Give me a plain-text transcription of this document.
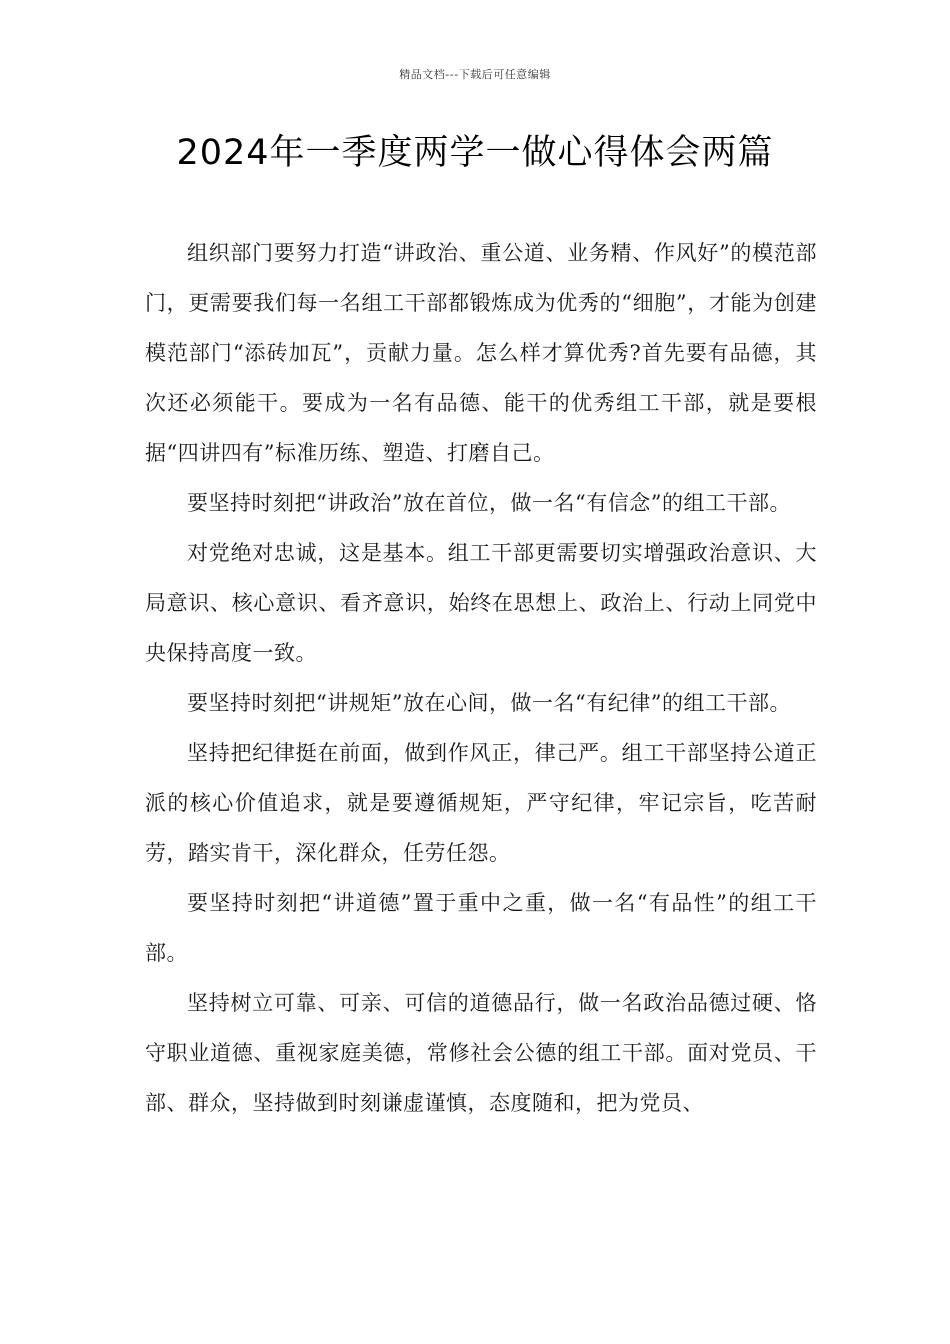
精品文档---下载后可任意编辑
2024年一季度两学一做心得体会两篇

组织部门要努力打造“讲政治、重公道、业务精、作风好”的模范部门，更需要我们每一名组工干部都锻炼成为优秀的“细胞”，才能为创建模范部门“添砖加瓦”，贡献力量。怎么样才算优秀?首先要有品德，其次还必须能干。要成为一名有品德、能干的优秀组工干部，就是要根据“四讲四有”标准历练、塑造、打磨自己。

要坚持时刻把“讲政治”放在首位，做一名“有信念”的组工干部。

对党绝对忠诚，这是基本。组工干部更需要切实增强政治意识、大局意识、核心意识、看齐意识，始终在思想上、政治上、行动上同党中央保持高度一致。

要坚持时刻把“讲规矩”放在心间，做一名“有纪律”的组工干部。

坚持把纪律挺在前面，做到作风正，律己严。组工干部坚持公道正派的核心价值追求，就是要遵循规矩，严守纪律，牢记宗旨，吃苦耐劳，踏实肯干，深化群众，任劳任怨。

要坚持时刻把“讲道德”置于重中之重，做一名“有品性”的组工干部。

坚持树立可靠、可亲、可信的道德品行，做一名政治品德过硬、恪守职业道德、重视家庭美德，常修社会公德的组工干部。面对党员、干部、群众，坚持做到时刻谦虚谨慎，态度随和，把为党员、
